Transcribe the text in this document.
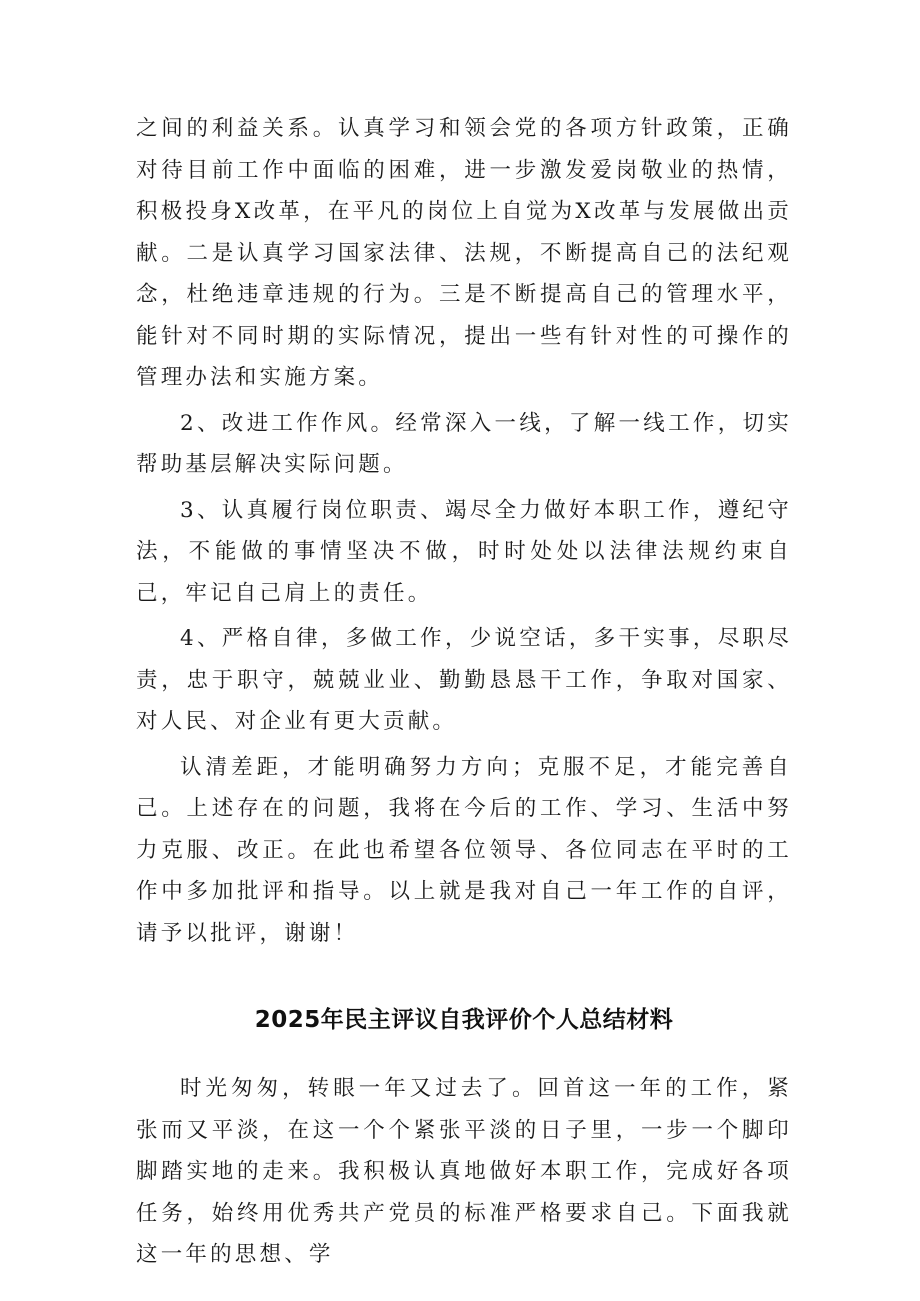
之间的利益关系。认真学习和领会党的各项方针政策，正确对待目前工作中面临的困难，进一步激发爱岗敬业的热情，积极投身X改革，在平凡的岗位上自觉为X改革与发展做出贡献。二是认真学习国家法律、法规，不断提高自己的法纪观念，杜绝违章违规的行为。三是不断提高自己的管理水平，能针对不同时期的实际情况，提出一些有针对性的可操作的管理办法和实施方案。

2、改进工作作风。经常深入一线，了解一线工作，切实帮助基层解决实际问题。

3、认真履行岗位职责、竭尽全力做好本职工作，遵纪守法，不能做的事情坚决不做，时时处处以法律法规约束自己，牢记自己肩上的责任。

4、严格自律，多做工作，少说空话，多干实事，尽职尽责，忠于职守，兢兢业业、勤勤恳恳干工作，争取对国家、对人民、对企业有更大贡献。

认清差距，才能明确努力方向；克服不足，才能完善自己。上述存在的问题，我将在今后的工作、学习、生活中努力克服、改正。在此也希望各位领导、各位同志在平时的工作中多加批评和指导。以上就是我对自己一年工作的自评，请予以批评，谢谢！

2025年民主评议自我评价个人总结材料

时光匆匆，转眼一年又过去了。回首这一年的工作，紧张而又平淡，在这一个个紧张平淡的日子里，一步一个脚印脚踏实地的走来。我积极认真地做好本职工作，完成好各项任务，始终用优秀共产党员的标准严格要求自己。下面我就这一年的思想、学
